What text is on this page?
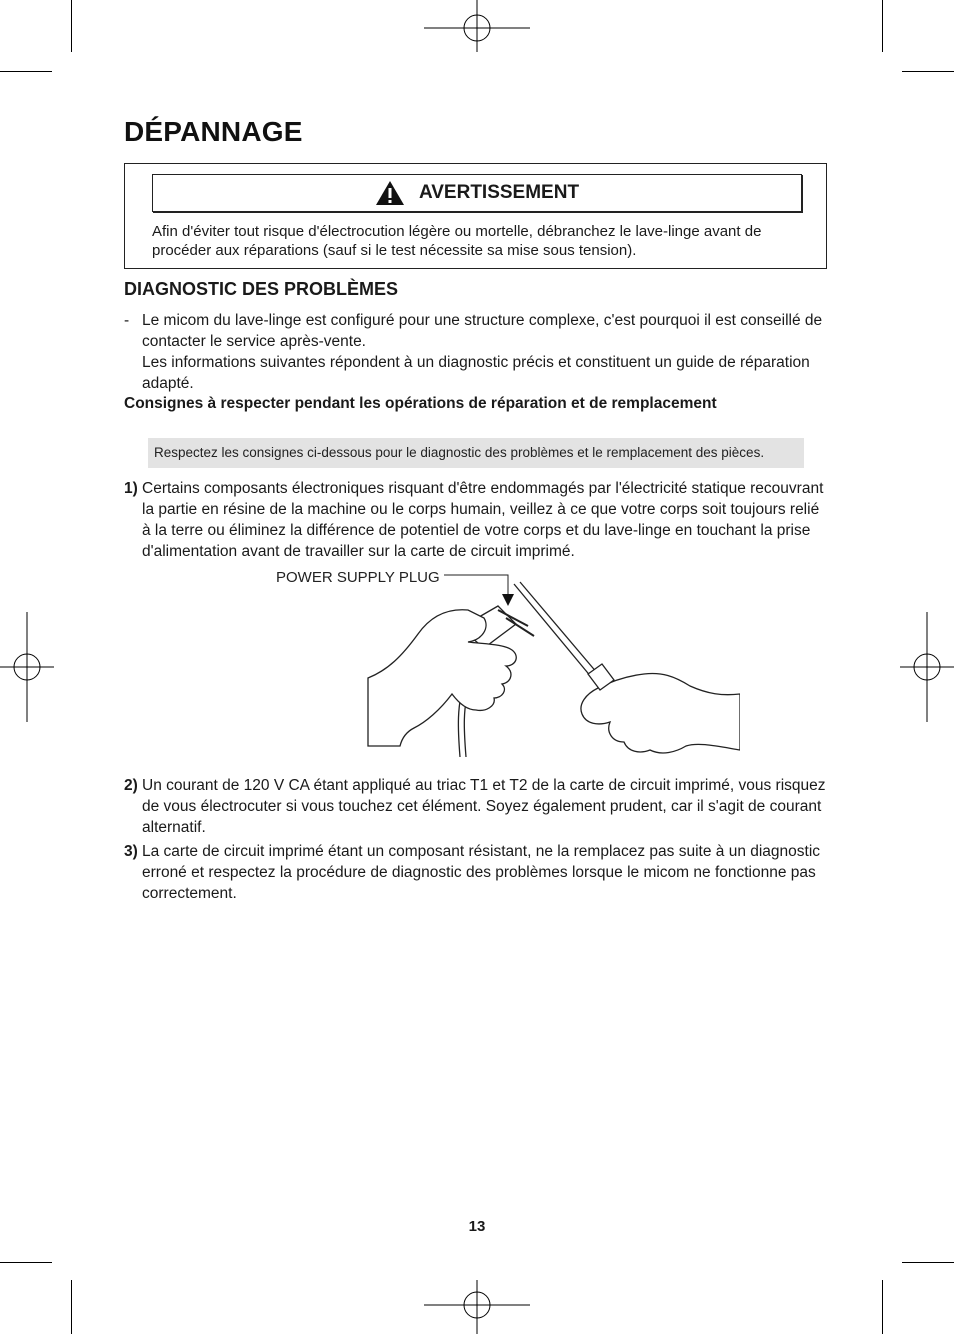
DÉPANNAGE
AVERTISSEMENT

Afin d'éviter tout risque d'électrocution légère ou mortelle, débranchez le lave-linge avant de procéder aux réparations (sauf si le test nécessite sa mise sous tension).

DIAGNOSTIC DES PROBLÈMES
- Le micom du lave-linge est configuré pour une structure complexe, c'est pourquoi il est conseillé de contacter le service après-vente.
Les informations suivantes répondent à un diagnostic précis et constituent un guide de réparation adapté.

Consignes à respecter pendant les opérations de réparation et de remplacement

Respectez les consignes ci-dessous pour le diagnostic des problèmes et le remplacement des pièces.
1) Certains composants électroniques risquant d'être endommagés par l'électricité statique recouvrant la partie en résine de la machine ou le corps humain, veillez à ce que votre corps soit toujours relié à la terre ou éliminez la différence de potentiel de votre corps et du lave-linge en touchant la prise d'alimentation avant de travailler sur la carte de circuit imprimé.
POWER SUPPLY PLUG
2) Un courant de 120 V CA étant appliqué au triac T1 et T2 de la carte de circuit imprimé, vous risquez de vous électrocuter si vous touchez cet élément. Soyez également prudent, car il s'agit de courant alternatif.
3) La carte de circuit imprimé étant un composant résistant, ne la remplacez pas suite à un diagnostic erroné et respectez la procédure de diagnostic des problèmes lorsque le micom ne fonctionne pas correctement.
13
